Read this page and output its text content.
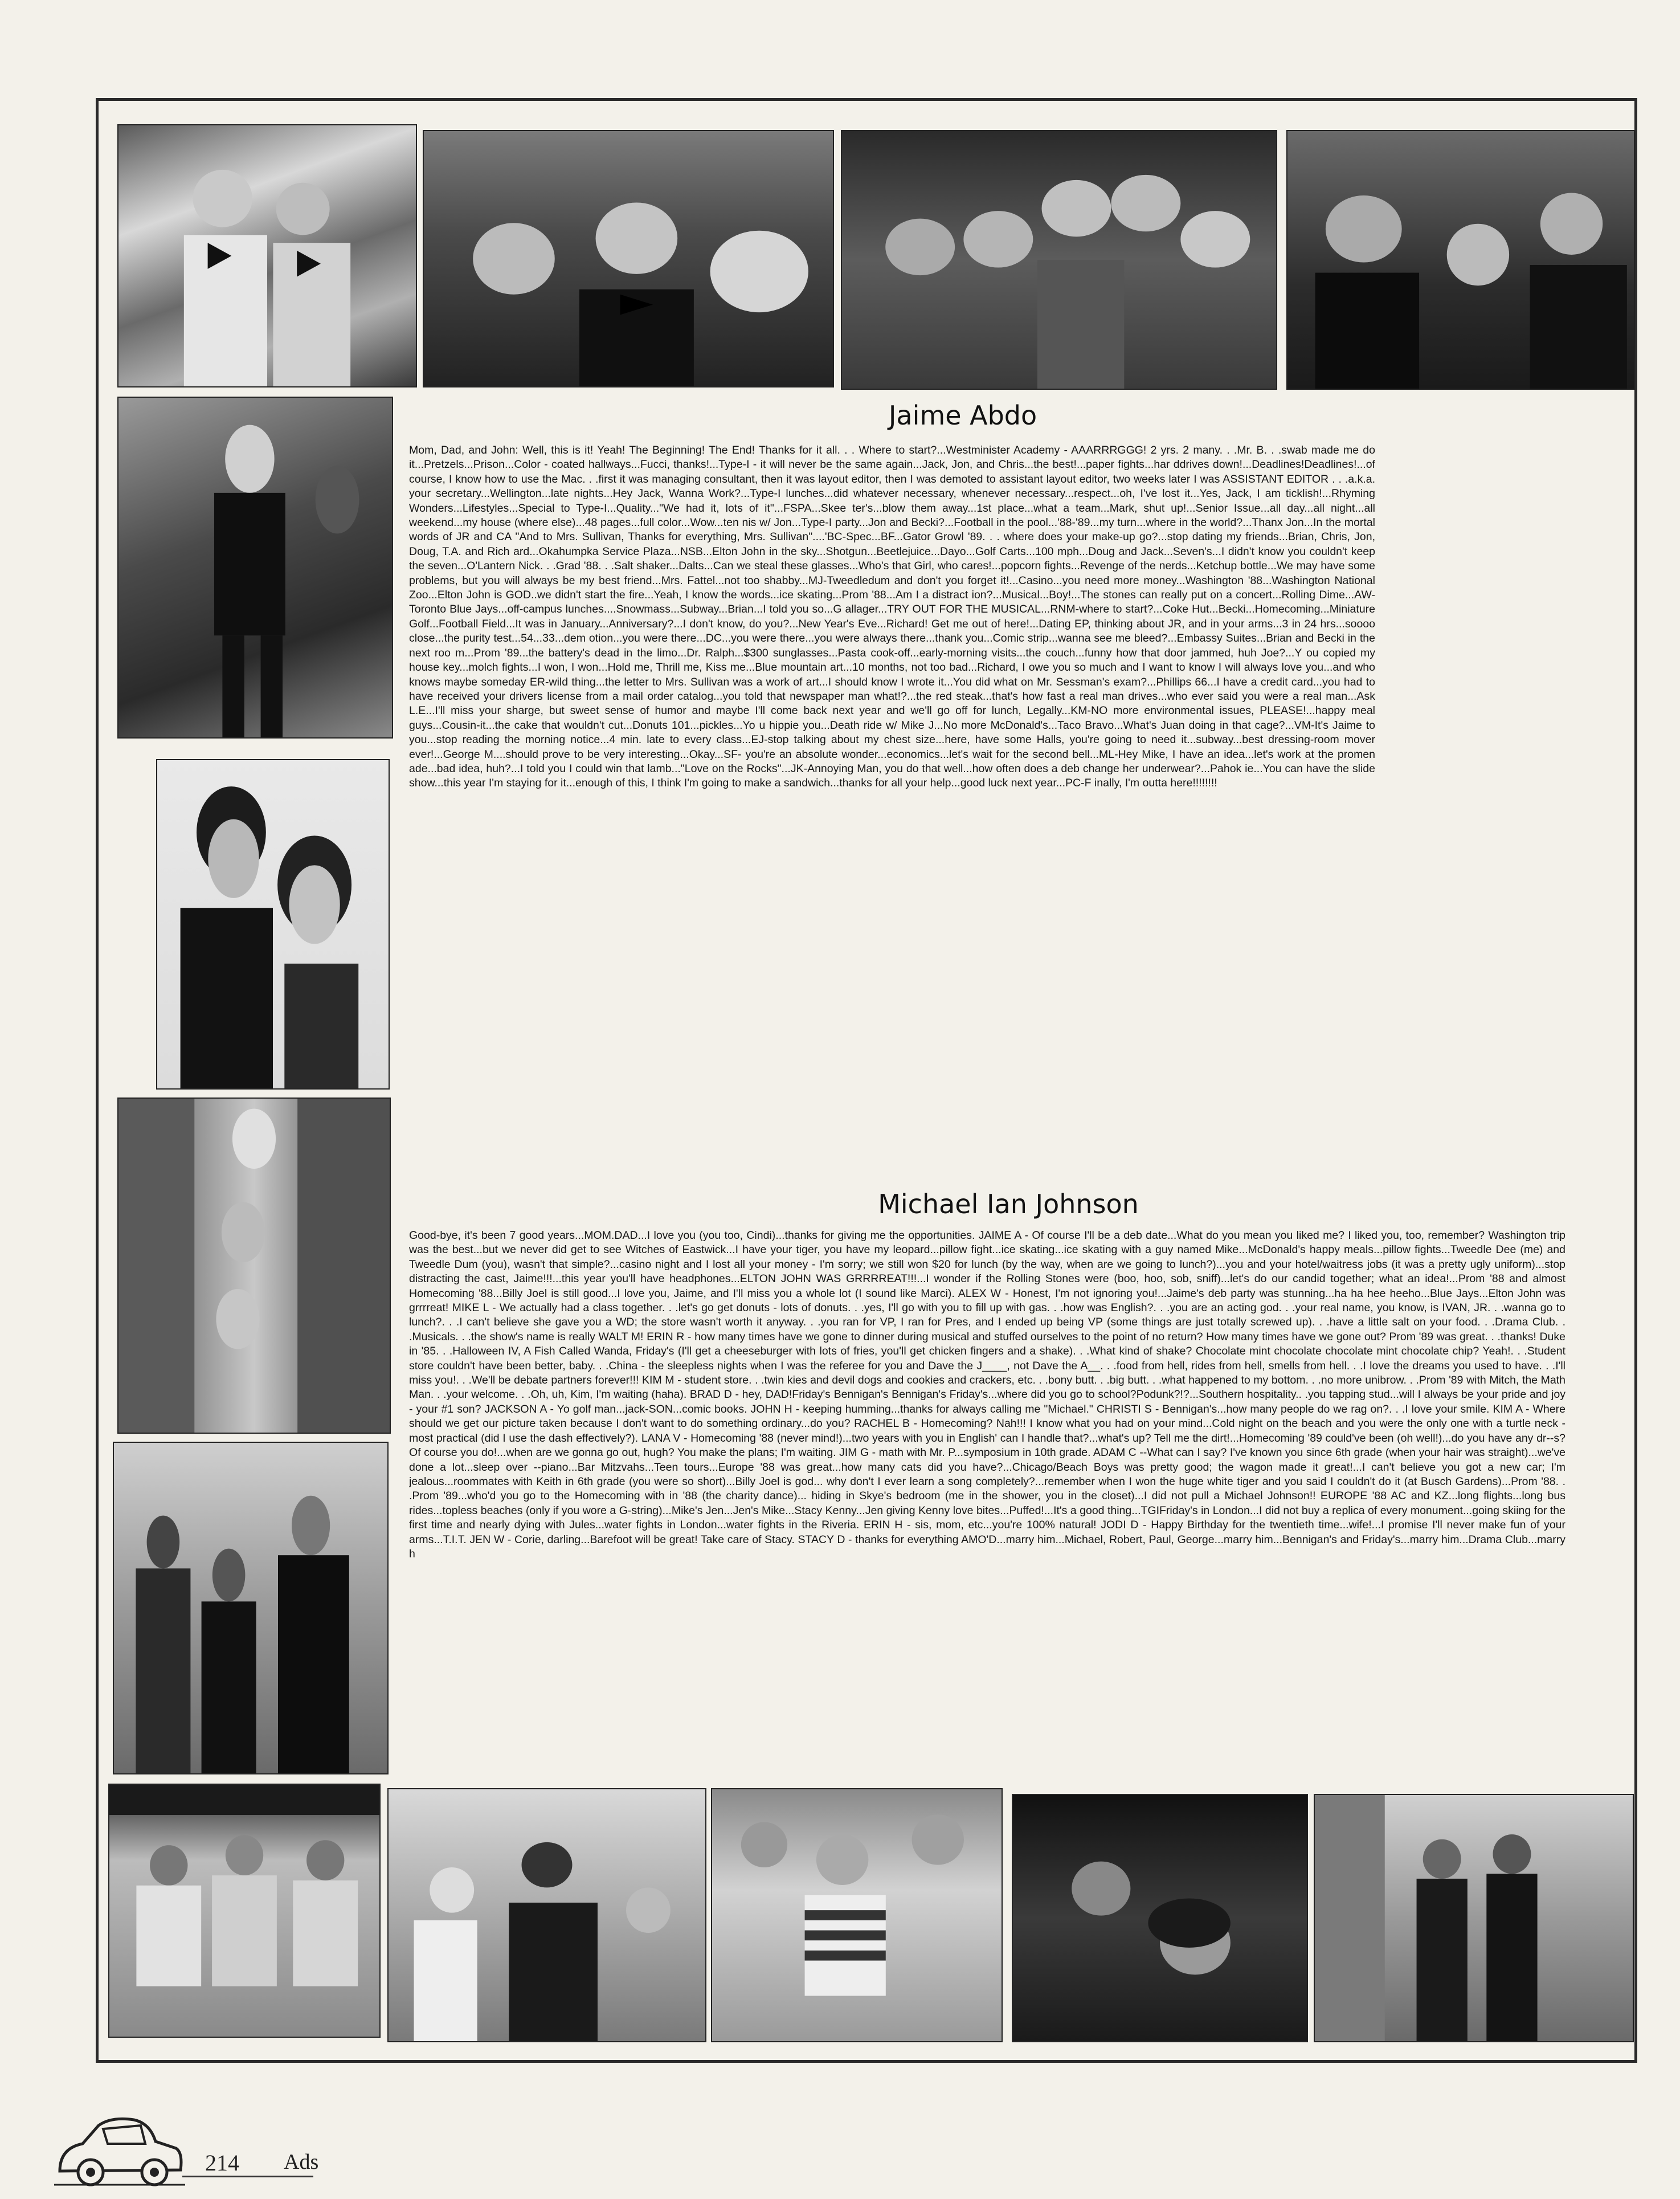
Jaime Abdo

Mom, Dad, and John: Well, this is it! Yeah! The Beginning! The End! Thanks for it all. . . Where to start?...Westminister Academy - AAARRRGGG! 2 yrs. 2 many. . .Mr. B. . .swab made me do it...Pretzels...Prison...Color - coated hallways...Fucci, thanks!...Type-I - it will never be the same again...Jack, Jon, and Chris...the best!...paper fights...har ddrives down!...Deadlines!Deadlines!...of course, I know how to use the Mac. . .first it was managing consultant, then it was layout editor, then I was demoted to assistant layout editor, two weeks later I was ASSISTANT EDITOR . . .a.k.a. your secretary...Wellington...late nights...Hey Jack, Wanna Work?...Type-I lunches...did whatever necessary, whenever necessary...respect...oh, I've lost it...Yes, Jack, I am ticklish!...Rhyming Wonders...Lifestyles...Special to Type-I...Quality..."We had it, lots of it"...FSPA...Skee ter's...blow them away...1st place...what a team...Mark, shut up!...Senior Issue...all day...all night...all weekend...my house (where else)...48 pages...full color...Wow...ten nis w/ Jon...Type-I party...Jon and Becki?...Football in the pool...'88-'89...my turn...where in the world?...Thanx Jon...In the mortal words of JR and CA "And to Mrs. Sullivan, Thanks for everything, Mrs. Sullivan"....'BC-Spec...BF...Gator Growl '89. . . where does your make-up go?...stop dating my friends...Brian, Chris, Jon, Doug, T.A. and Rich ard...Okahumpka Service Plaza...NSB...Elton John in the sky...Shotgun...Beetlejuice...Dayo...Golf Carts...100 mph...Doug and Jack...Seven's...I didn't know you couldn't keep the seven...O'Lantern Nick. . .Grad '88. . .Salt shaker...Dalts...Can we steal these glasses...Who's that Girl, who cares!...popcorn fights...Revenge of the nerds...Ketchup bottle...We may have some problems, but you will always be my best friend...Mrs. Fattel...not too shabby...MJ-Tweedledum and don't you forget it!...Casino...you need more money...Washington '88...Washington National Zoo...Elton John is GOD..we didn't start the fire...Yeah, I know the words...ice skating...Prom '88...Am I a distract ion?...Musical...Boy!...The stones can really put on a concert...Rolling Dime...AW-Toronto Blue Jays...off-campus lunches....Snowmass...Subway...Brian...I told you so...G allager...TRY OUT FOR THE MUSICAL...RNM-where to start?...Coke Hut...Becki...Homecoming...Miniature Golf...Football Field...It was in January...Anniversary?...I don't know, do you?...New Year's Eve...Richard! Get me out of here!...Dating EP, thinking about JR, and in your arms...3 in 24 hrs...soooo close...the purity test...54...33...dem otion...you were there...DC...you were there...you were always there...thank you...Comic strip...wanna see me bleed?...Embassy Suites...Brian and Becki in the next roo m...Prom '89...the battery's dead in the limo...Dr. Ralph...$300 sunglasses...Pasta cook-off...early-morning visits...the couch...funny how that door jammed, huh Joe?...Y ou copied my house key...molch fights...I won, I won...Hold me, Thrill me, Kiss me...Blue mountain art...10 months, not too bad...Richard, I owe you so much and I want to know I will always love you...and who knows maybe someday ER-wild thing...the letter to Mrs. Sullivan was a work of art...I should know I wrote it...You did what on Mr. Sessman's exam?...Phillips 66...I have a credit card...you had to have received your drivers license from a mail order catalog...you told that newspaper man what!?...the red steak...that's how fast a real man drives...who ever said you were a real man...Ask L.E...I'll miss your sharge, but sweet sense of humor and maybe I'll come back next year and we'll go off for lunch, Legally...KM-NO more environmental issues, PLEASE!...happy meal guys...Cousin-it...the cake that wouldn't cut...Donuts 101...pickles...Yo u hippie you...Death ride w/ Mike J...No more McDonald's...Taco Bravo...What's Juan doing in that cage?...VM-It's Jaime to you...stop reading the morning notice...4 min. late to every class...EJ-stop talking about my chest size...here, have some Halls, you're going to need it...subway...best dressing-room mover ever!...George M....should prove to be very interesting...Okay...SF- you're an absolute wonder...economics...let's wait for the second bell...ML-Hey Mike, I have an idea...let's work at the promen ade...bad idea, huh?...I told you I could win that lamb..."Love on the Rocks"...JK-Annoying Man, you do that well...how often does a deb change her underwear?...Pahok ie...You can have the slide show...this year I'm staying for it...enough of this, I think I'm going to make a sandwich...thanks for all your help...good luck next year...PC-F inally, I'm outta here!!!!!!!!

Michael Ian Johnson

Good-bye, it's been 7 good years...MOM.DAD...I love you (you too, Cindi)...thanks for giving me the opportunities. JAIME A - Of course I'll be a deb date...What do you mean you liked me? I liked you, too, remember? Washington trip was the best...but we never did get to see Witches of Eastwick...I have your tiger, you have my leopard...pillow fight...ice skating...ice skating with a guy named Mike...McDonald's happy meals...pillow fights...Tweedle Dee (me) and Tweedle Dum (you), wasn't that simple?...casino night and I lost all your money - I'm sorry; we still won $20 for lunch (by the way, when are we going to lunch?)...you and your hotel/waitress jobs (it was a pretty ugly uniform)...stop distracting the cast, Jaime!!!...this year you'll have headphones...ELTON JOHN WAS GRRRREAT!!!...I wonder if the Rolling Stones were (boo, hoo, sob, sniff)...let's do our candid together; what an idea!...Prom '88 and almost Homecoming '88...Billy Joel is still good...I love you, Jaime, and I'll miss you a whole lot (I sound like Marci). ALEX W - Honest, I'm not ignoring you!...Jaime's deb party was stunning...ha ha hee heeho...Blue Jays...Elton John was grrrreat! MIKE L - We actually had a class together. . .let's go get donuts - lots of donuts. . .yes, I'll go with you to fill up with gas. . .how was English?. . .you are an acting god. . .your real name, you know, is IVAN, JR. . .wanna go to lunch?. . .I can't believe she gave you a WD; the store wasn't worth it anyway. . .you ran for VP, I ran for Pres, and I ended up being VP (some things are just totally screwed up). . .have a little salt on your food. . .Drama Club. . .Musicals. . .the show's name is really WALT M! ERIN R - how many times have we gone to dinner during musical and stuffed ourselves to the point of no return? How many times have we gone out? Prom '89 was great. . .thanks! Duke in '85. . .Halloween IV, A Fish Called Wanda, Friday's (I'll get a cheeseburger with lots of fries, you'll get chicken fingers and a shake). . .What kind of shake? Chocolate mint chocolate chocolate mint chocolate chip? Yeah!. . .Student store couldn't have been better, baby. . .China - the sleepless nights when I was the referee for you and Dave the J____, not Dave the A__. . .food from hell, rides from hell, smells from hell. . .I love the dreams you used to have. . .I'll miss you!. . .We'll be debate partners forever!!! KIM M - student store. . .twin kies and devil dogs and cookies and crackers, etc. . .bony butt. . .big butt. . .what happened to my bottom. . .no more unibrow. . .Prom '89 with Mitch, the Math Man. . .your welcome. . .Oh, uh, Kim, I'm waiting (haha). BRAD D - hey, DAD!Friday's Bennigan's Bennigan's Friday's...where did you go to school?Podunk?!?...Southern hospitality.. .you tapping stud...will I always be your pride and joy - your #1 son? JACKSON A - Yo golf man...jack-SON...comic books. JOHN H - keeping humming...thanks for always calling me "Michael." CHRISTI S - Bennigan's...how many people do we rag on?. . .I love your smile. KIM A - Where should we get our picture taken because I don't want to do something ordinary...do you? RACHEL B - Homecoming? Nah!!! I know what you had on your mind...Cold night on the beach and you were the only one with a turtle neck - most practical (did I use the dash effectively?). LANA V - Homecoming '88 (never mind!)...two years with you in English' can I handle that?...what's up? Tell me the dirt!...Homecoming '89 could've been (oh well!)...do you have any dr--s? Of course you do!...when are we gonna go out, hugh? You make the plans; I'm waiting. JIM G - math with Mr. P...symposium in 10th grade. ADAM C --What can I say? I've known you since 6th grade (when your hair was straight)...we've done a lot...sleep over --piano...Bar Mitzvahs...Teen tours...Europe '88 was great...how many cats did you have?...Chicago/Beach Boys was pretty good; the wagon made it great!...I can't believe you got a new car; I'm jealous...roommates with Keith in 6th grade (you were so short)...Billy Joel is god... why don't I ever learn a song completely?...remember when I won the huge white tiger and you said I couldn't do it (at Busch Gardens)...Prom '88. . .Prom '89...who'd you go to the Homecoming with in '88 (the charity dance)... hiding in Skye's bedroom (me in the shower, you in the closet)...I did not pull a Michael Johnson!! EUROPE '88 AC and KZ...long flights...long bus rides...topless beaches (only if you wore a G-string)...Mike's Jen...Jen's Mike...Stacy Kenny...Jen giving Kenny love bites...Puffed!...It's a good thing...TGIFriday's in London...I did not buy a replica of every monument...going skiing for the first time and nearly dying with Jules...water fights in London...water fights in the Riveria. ERIN H - sis, mom, etc...you're 100% natural! JODI D - Happy Birthday for the twentieth time...wife!...I promise I'll never make fun of your arms...T.I.T. JEN W - Corie, darling...Barefoot will be great! Take care of Stacy. STACY D - thanks for everything AMO'D...marry him...Michael, Robert, Paul, George...marry him...Bennigan's and Friday's...marry him...Drama Club...marry h

214 Ads
